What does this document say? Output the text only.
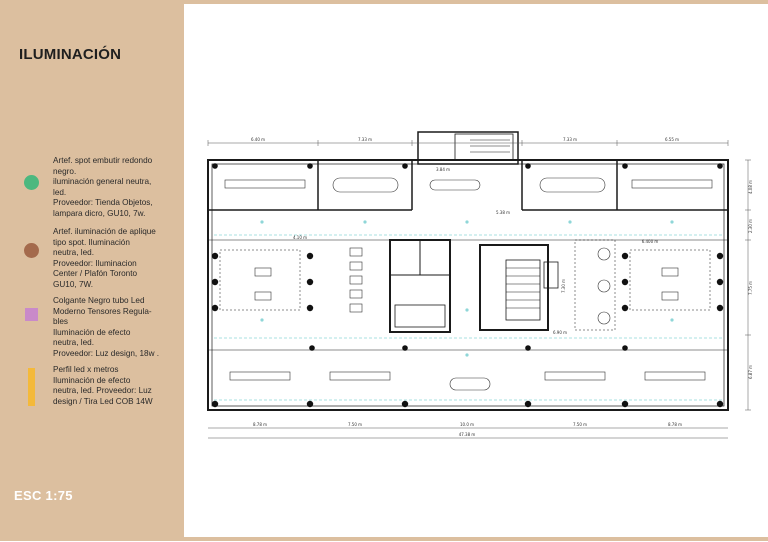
ILUMINACIÓN
Artef. spot embutir redondo
negro.
iluminación general neutra,
led.
Proveedor: Tienda Objetos,
lampara dicro, GU10, 7w.
Artef. iluminación de aplique
tipo spot. Iluminación
neutra, led.
Proveedor: Iluminacion
Center / Plafón Toronto
GU10, 7W.
Colgante Negro tubo Led
Moderno Tensores Regula-
bles
Iluminación de efecto
neutra, led.
Proveedor: Luz design, 18w .
Perfil led x metros
Iluminación de efecto
neutra, led. Proveedor: Luz
design / Tira Led COB 14W
ESC 1:75
6.40 m	7.33 m	7.33 m	6.55 m
8.78 m	7.50 m	10.0 m	7.50 m	8.78 m
47.38 m
4.08 m
2.30 m
7.75 m
6.87 m
3.84 m
5.38 m
4.10 m
6.400 m
7.30 m
6.90 m
